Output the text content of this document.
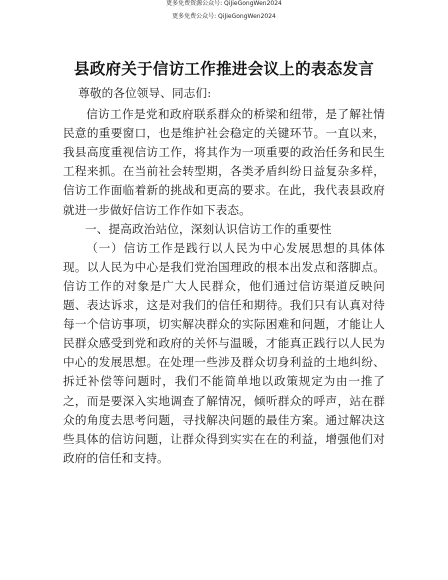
更多免费资源公众号: QiJieGongWen2024
更多免费公众号: QiJieGongWen2024
县政府关于信访工作推进会议上的表态发言

尊敬的各位领导、同志们:

信访工作是党和政府联系群众的桥梁和纽带，是了解社情民意的重要窗口，也是维护社会稳定的关键环节。一直以来，我县高度重视信访工作，将其作为一项重要的政治任务和民生工程来抓。在当前社会转型期，各类矛盾纠纷日益复杂多样，信访工作面临着新的挑战和更高的要求。在此，我代表县政府就进一步做好信访工作作如下表态。

一、提高政治站位，深刻认识信访工作的重要性

（一）信访工作是践行以人民为中心发展思想的具体体现。以人民为中心是我们党治国理政的根本出发点和落脚点。信访工作的对象是广大人民群众，他们通过信访渠道反映问题、表达诉求，这是对我们的信任和期待。我们只有认真对待每一个信访事项，切实解决群众的实际困难和问题，才能让人民群众感受到党和政府的关怀与温暖，才能真正践行以人民为中心的发展思想。在处理一些涉及群众切身利益的土地纠纷、拆迁补偿等问题时，我们不能简单地以政策规定为由一推了之，而是要深入实地调查了解情况，倾听群众的呼声，站在群众的角度去思考问题，寻找解决问题的最佳方案。通过解决这些具体的信访问题，让群众得到实实在在的利益，增强他们对政府的信任和支持。
